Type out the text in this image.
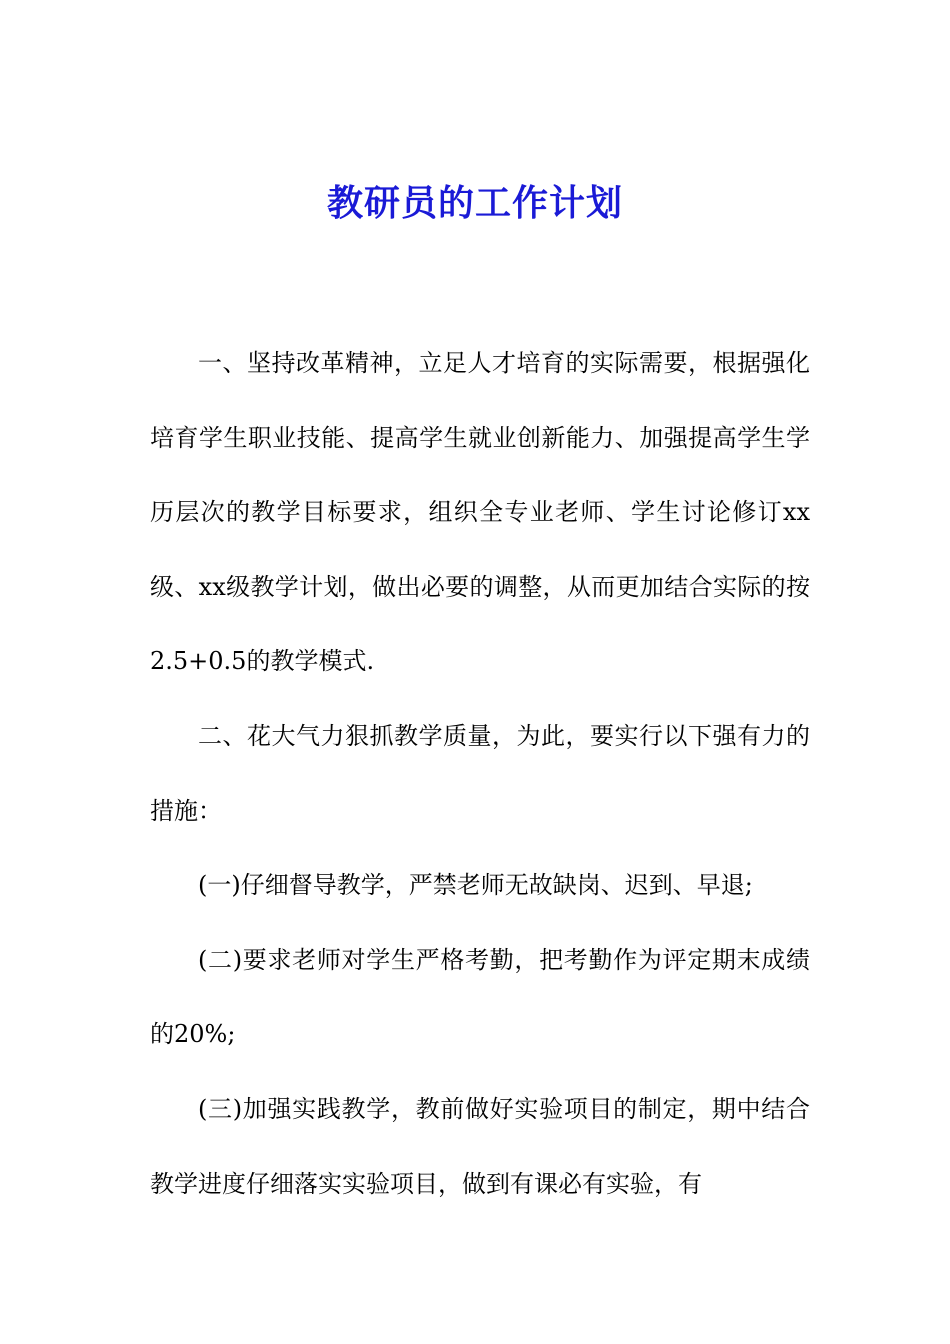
教研员的工作计划

一、坚持改革精神，立足人才培育的实际需要，根据强化培育学生职业技能、提高学生就业创新能力、加强提高学生学历层次的教学目标要求，组织全专业老师、学生讨论修订xx级、xx级教学计划，做出必要的调整，从而更加结合实际的按2.5+0.5的教学模式.

二、花大气力狠抓教学质量，为此，要实行以下强有力的措施：

(一)仔细督导教学，严禁老师无故缺岗、迟到、早退;

(二)要求老师对学生严格考勤，把考勤作为评定期末成绩的20%;

(三)加强实践教学，教前做好实验项目的制定，期中结合教学进度仔细落实实验项目，做到有课必有实验，有
